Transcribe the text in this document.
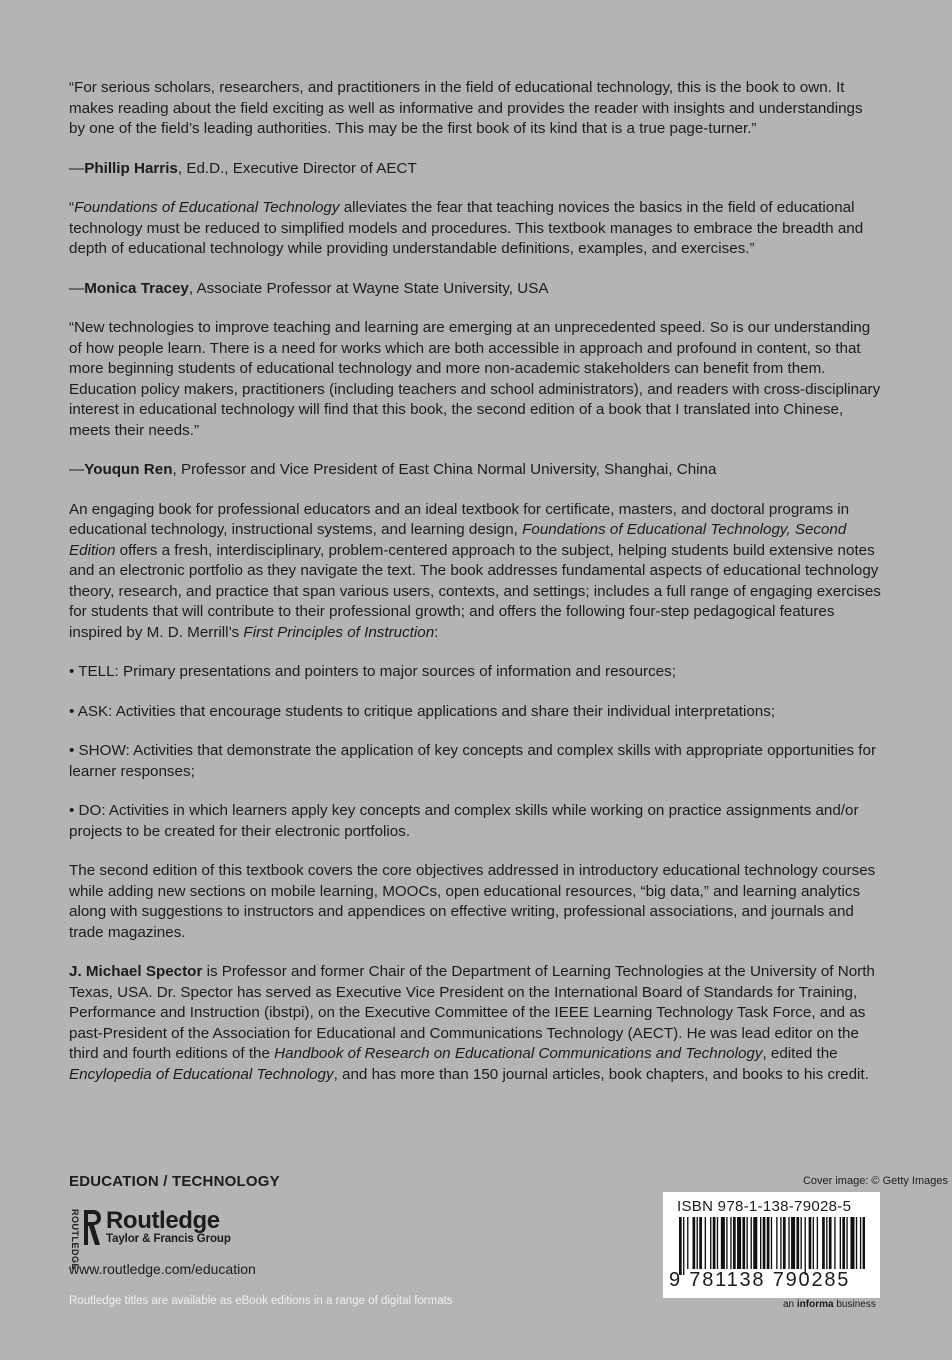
“For serious scholars, researchers, and practitioners in the field of educational technology, this is the book to own. It makes reading about the field exciting as well as informative and provides the reader with insights and understandings by one of the field’s leading authorities. This may be the first book of its kind that is a true page-turner.”

—Phillip Harris, Ed.D., Executive Director of AECT

“Foundations of Educational Technology alleviates the fear that teaching novices the basics in the field of educational technology must be reduced to simplified models and procedures. This textbook manages to embrace the breadth and depth of educational technology while providing understandable definitions, examples, and exercises.”

—Monica Tracey, Associate Professor at Wayne State University, USA

“New technologies to improve teaching and learning are emerging at an unprecedented speed. So is our understanding of how people learn. There is a need for works which are both accessible in approach and profound in content, so that more beginning students of educational technology and more non-academic stakeholders can benefit from them. Education policy makers, practitioners (including teachers and school administrators), and readers with cross-disciplinary interest in educational technology will find that this book, the second edition of a book that I translated into Chinese, meets their needs.”

—Youqun Ren, Professor and Vice President of East China Normal University, Shanghai, China

An engaging book for professional educators and an ideal textbook for certificate, masters, and doctoral programs in educational technology, instructional systems, and learning design, Foundations of Educational Technology, Second Edition offers a fresh, interdisciplinary, problem-centered approach to the subject, helping students build extensive notes and an electronic portfolio as they navigate the text. The book addresses fundamental aspects of educational technology theory, research, and practice that span various users, contexts, and settings; includes a full range of engaging exercises for students that will contribute to their professional growth; and offers the following four-step pedagogical features inspired by M. D. Merrill’s First Principles of Instruction:

• TELL: Primary presentations and pointers to major sources of information and resources;

• ASK: Activities that encourage students to critique applications and share their individual interpretations;

• SHOW: Activities that demonstrate the application of key concepts and complex skills with appropriate opportunities for learner responses;

• DO: Activities in which learners apply key concepts and complex skills while working on practice assignments and/or projects to be created for their electronic portfolios.

The second edition of this textbook covers the core objectives addressed in introductory educational technology courses while adding new sections on mobile learning, MOOCs, open educational resources, “big data,” and learning analytics along with suggestions to instructors and appendices on effective writing, professional associations, and journals and trade magazines.

J. Michael Spector is Professor and former Chair of the Department of Learning Technologies at the University of North Texas, USA. Dr. Spector has served as Executive Vice President on the International Board of Standards for Training, Performance and Instruction (ibstpi), on the Executive Committee of the IEEE Learning Technology Task Force, and as past-President of the Association for Educational and Communications Technology (AECT). He was lead editor on the third and fourth editions of the Handbook of Research on Educational Communications and Technology, edited the Encylopedia of Educational Technology, and has more than 150 journal articles, book chapters, and books to his credit.

EDUCATION / TECHNOLOGY
ROUTLEDGE Routledge
Taylor & Francis Group
www.routledge.com/education
Routledge titles are available as eBook editions in a range of digital formats
Cover image: © Getty Images
ISBN 978-1-138-79028-5
9 781138 790285
an informa business
